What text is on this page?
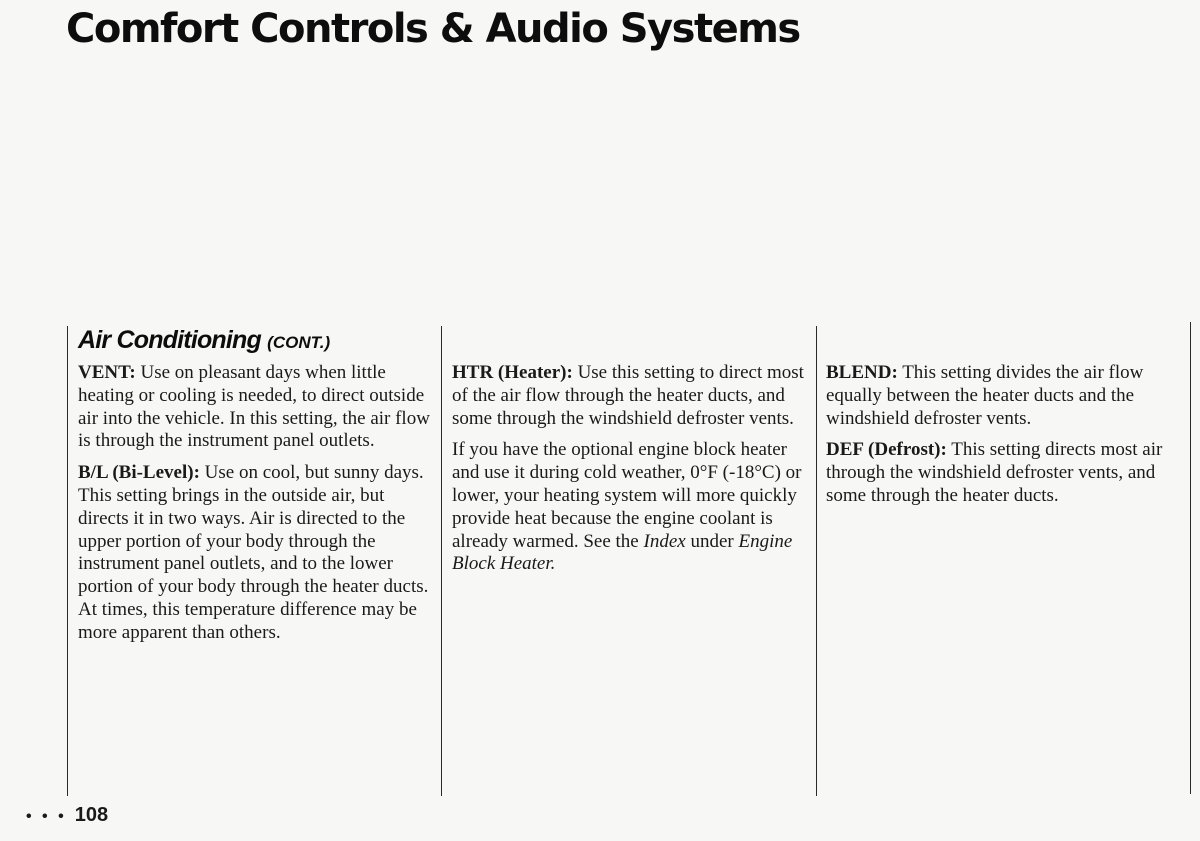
Comfort Controls & Audio Systems
Air Conditioning (CONT.)

VENT: Use on pleasant days when little heating or cooling is needed, to direct outside air into the vehicle. In this setting, the air flow is through the instrument panel outlets.

B/L (Bi-Level): Use on cool, but sunny days. This setting brings in the outside air, but directs it in two ways. Air is directed to the upper portion of your body through the instrument panel outlets, and to the lower portion of your body through the heater ducts. At times, this temperature difference may be more apparent than others.

HTR (Heater): Use this setting to direct most of the air flow through the heater ducts, and some through the windshield defroster vents.

If you have the optional engine block heater and use it during cold weather, 0°F (-18°C) or lower, your heating system will more quickly provide heat because the engine coolant is already warmed. See the Index under Engine Block Heater.

BLEND: This setting divides the air flow equally between the heater ducts and the windshield defroster vents.

DEF (Defrost): This setting directs most air through the windshield defroster vents, and some through the heater ducts.

• • • 108
